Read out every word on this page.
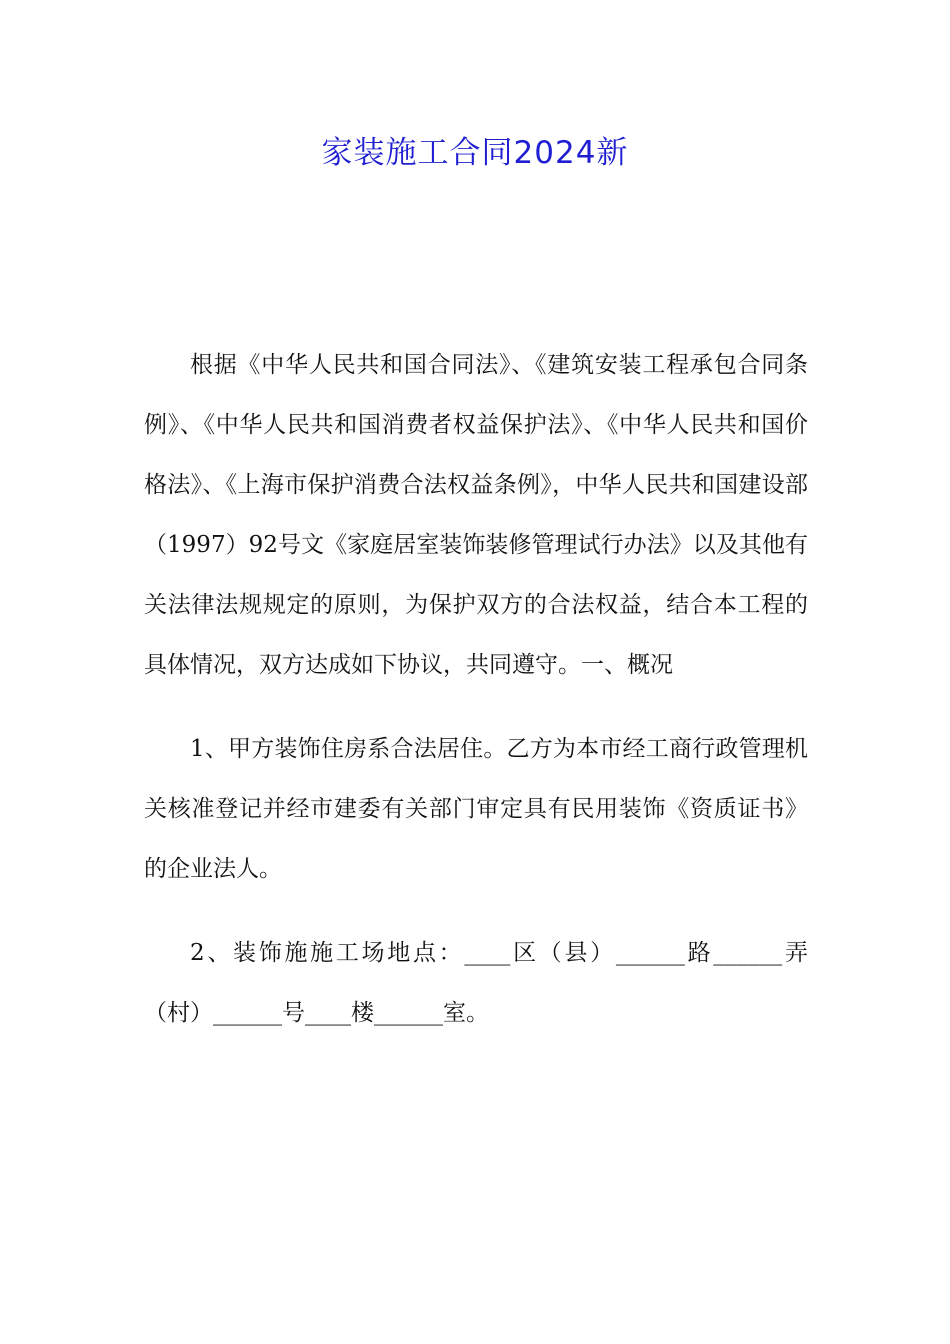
家装施工合同2024新

根据《中华人民共和国合同法》、《建筑安装工程承包合同条例》、《中华人民共和国消费者权益保护法》、《中华人民共和国价格法》、《上海市保护消费合法权益条例》，中华人民共和国建设部（1997）92号文《家庭居室装饰装修管理试行办法》以及其他有关法律法规规定的原则，为保护双方的合法权益，结合本工程的具体情况，双方达成如下协议，共同遵守。一、概况

1、甲方装饰住房系合法居住。乙方为本市经工商行政管理机关核准登记并经市建委有关部门审定具有民用装饰《资质证书》的企业法人。

2、装饰施施工场地点：____区（县）______路______弄（村）______号____楼______室。
